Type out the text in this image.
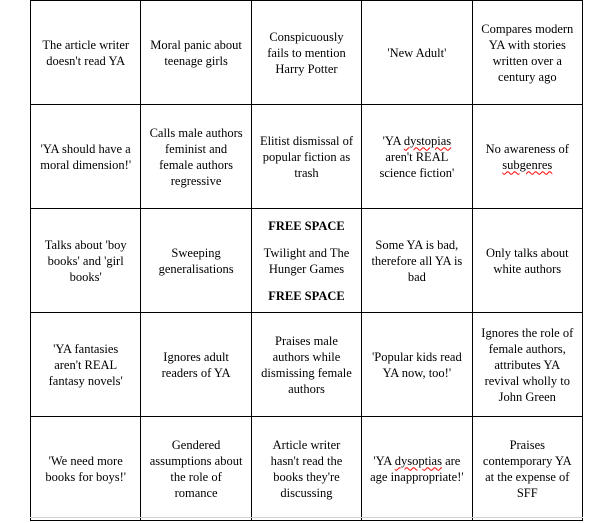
The article writer
doesn't read YA	Moral panic about
teenage girls	Conspicuously
fails to mention
Harry Potter	'New Adult'	Compares modern
YA with stories
written over a
century ago

'YA should have a
moral dimension!'	Calls male authors
feminist and
female authors
regressive	Elitist dismissal of
popular fiction as
trash	'YA dystopias
aren't REAL
science fiction'	No awareness of
subgenres

Talks about 'boy
books' and 'girl
books'	Sweeping
generalisations	FREE SPACE
Twilight and The
Hunger Games
FREE SPACE	Some YA is bad,
therefore all YA is
bad	Only talks about
white authors

'YA fantasies
aren't REAL
fantasy novels'	Ignores adult
readers of YA	Praises male
authors while
dismissing female
authors	'Popular kids read
YA now, too!'	Ignores the role of
female authors,
attributes YA
revival wholly to
John Green

'We need more
books for boys!'	Gendered
assumptions about
the role of
romance	Article writer
hasn't read the
books they're
discussing	'YA dysoptias are
age inappropriate!'	Praises
contemporary YA
at the expense of
SFF
